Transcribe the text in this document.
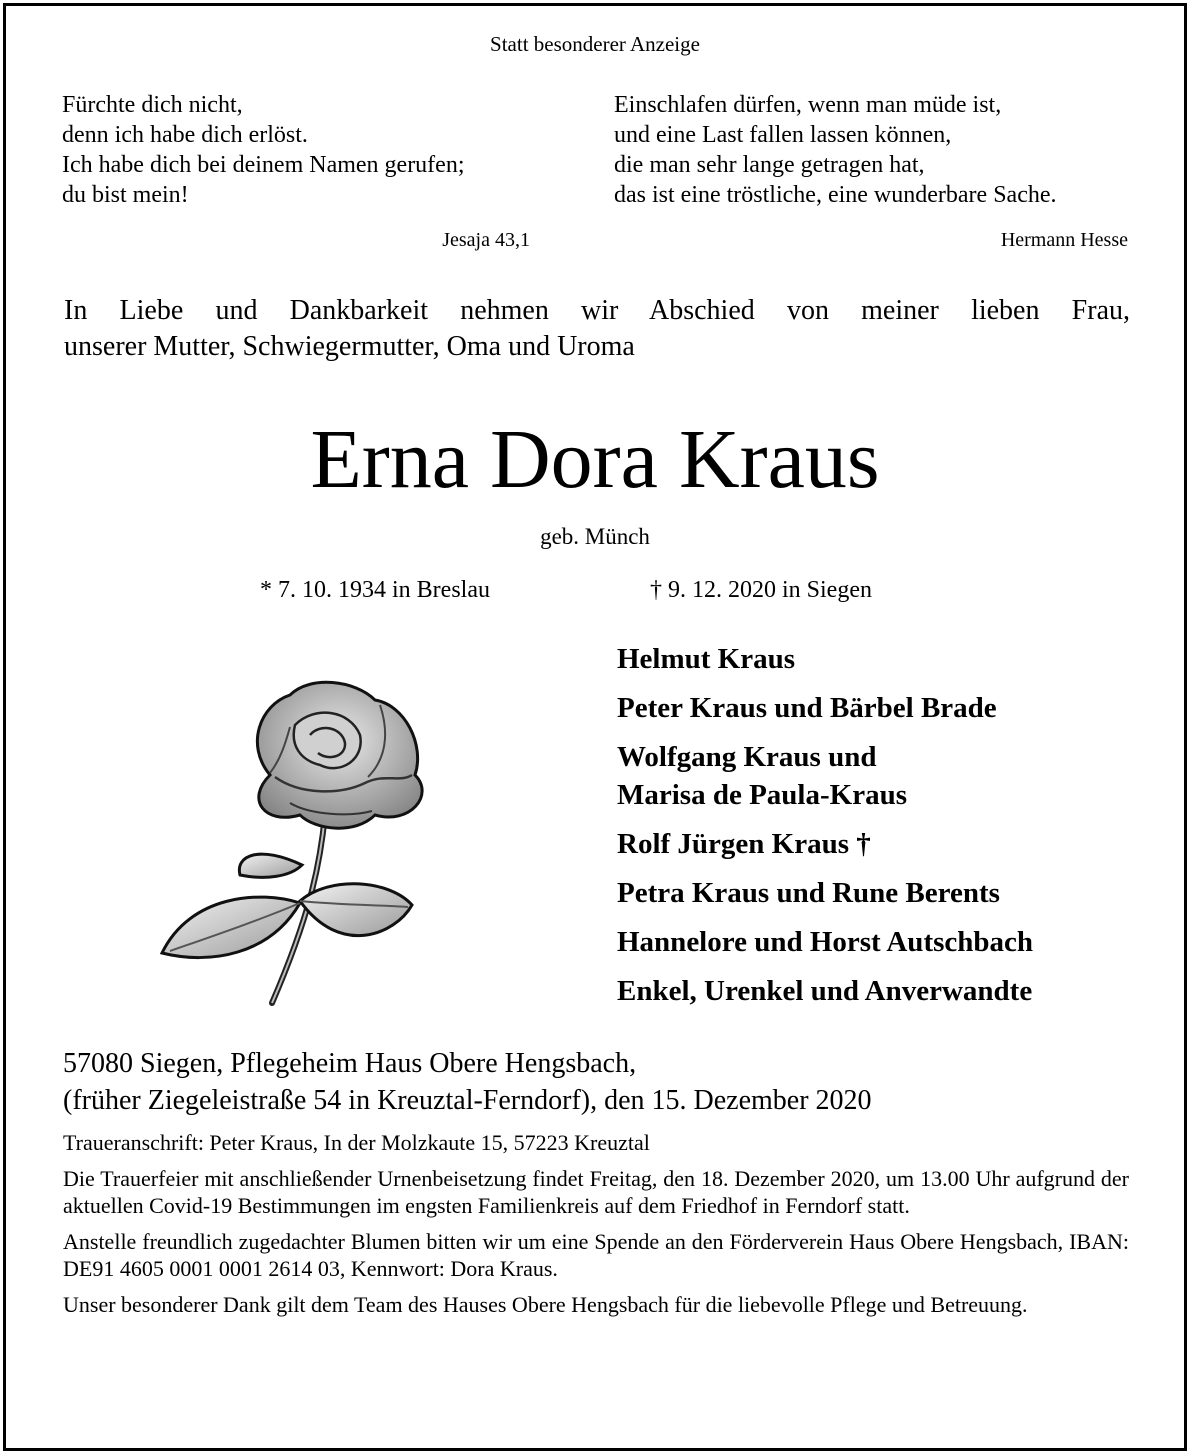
Statt besonderer Anzeige

Fürchte dich nicht,
denn ich habe dich erlöst.
Ich habe dich bei deinem Namen gerufen;
du bist mein!
Jesaja 43,1
Einschlafen dürfen, wenn man müde ist,
und eine Last fallen lassen können,
die man sehr lange getragen hat,
das ist eine tröstliche, eine wunderbare Sache.
Hermann Hesse
In Liebe und Dankbarkeit nehmen wir Abschied von meiner lieben Frau,
unserer Mutter, Schwiegermutter, Oma und Uroma
Erna Dora Kraus

geb. Münch

* 7. 10. 1934 in Breslau	† 9. 12. 2020 in Siegen

Helmut Kraus
Peter Kraus und Bärbel Brade
Wolfgang Kraus und
Marisa de Paula-Kraus
Rolf Jürgen Kraus †
Petra Kraus und Rune Berents
Hannelore und Horst Autschbach
Enkel, Urenkel und Anverwandte
57080 Siegen, Pflegeheim Haus Obere Hengsbach,
(früher Ziegeleistraße 54 in Kreuztal-Ferndorf), den 15. Dezember 2020

Traueranschrift: Peter Kraus, In der Molzkaute 15, 57223 Kreuztal

Die Trauerfeier mit anschließender Urnenbeisetzung findet Freitag, den 18. Dezember 2020, um 13.00 Uhr aufgrund der aktuellen Covid-19 Bestimmungen im engsten Familienkreis auf dem Friedhof in Ferndorf statt.

Anstelle freundlich zugedachter Blumen bitten wir um eine Spende an den Förderverein Haus Obere Hengsbach, IBAN: DE91 4605 0001 0001 2614 03, Kennwort: Dora Kraus.

Unser besonderer Dank gilt dem Team des Hauses Obere Hengsbach für die liebevolle Pflege und Betreuung.
